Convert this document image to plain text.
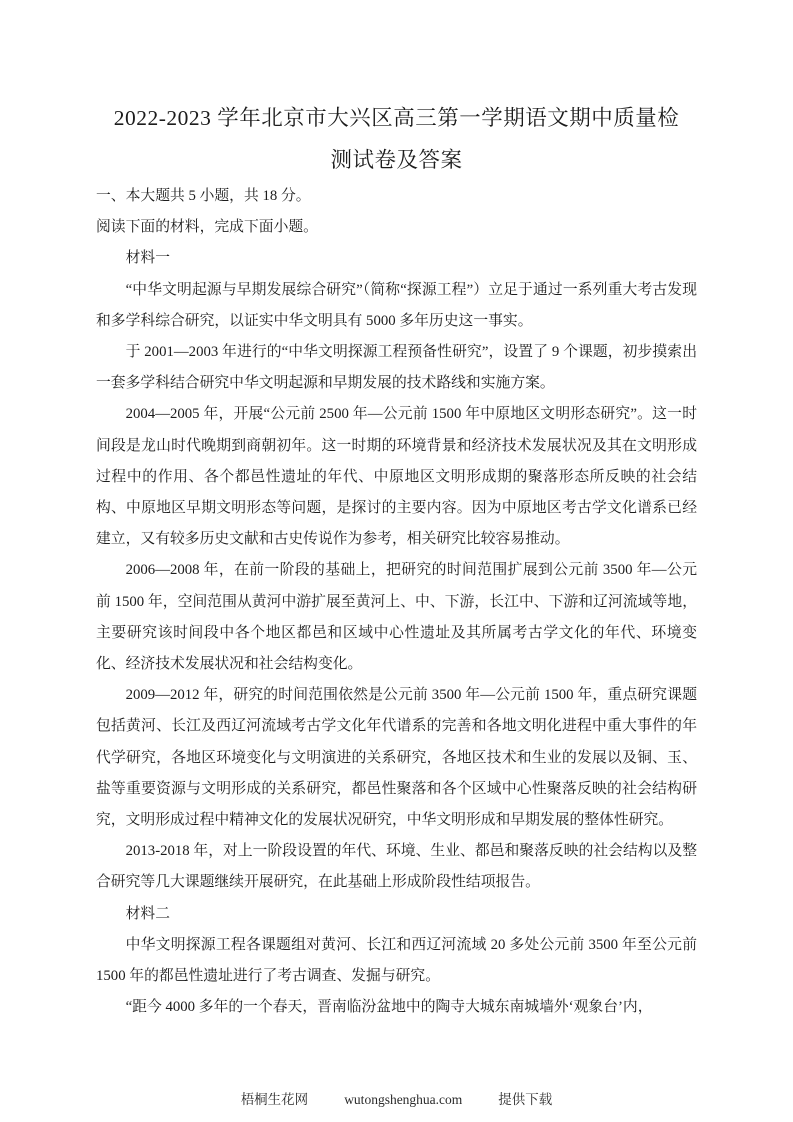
2022-2023 学年北京市大兴区高三第一学期语文期中质量检测试卷及答案

一、本大题共 5 小题，共 18 分。

阅读下面的材料，完成下面小题。

材料一

“中华文明起源与早期发展综合研究”（简称“探源工程”）立足于通过一系列重大考古发现和多学科综合研究，以证实中华文明具有 5000 多年历史这一事实。

于 2001—2003 年进行的“中华文明探源工程预备性研究”，设置了 9 个课题，初步摸索出一套多学科结合研究中华文明起源和早期发展的技术路线和实施方案。

2004—2005 年，开展“公元前 2500 年—公元前 1500 年中原地区文明形态研究”。这一时间段是龙山时代晚期到商朝初年。这一时期的环境背景和经济技术发展状况及其在文明形成过程中的作用、各个都邑性遗址的年代、中原地区文明形成期的聚落形态所反映的社会结构、中原地区早期文明形态等问题，是探讨的主要内容。因为中原地区考古学文化谱系已经建立，又有较多历史文献和古史传说作为参考，相关研究比较容易推动。

2006—2008 年，在前一阶段的基础上，把研究的时间范围扩展到公元前 3500 年—公元前 1500 年，空间范围从黄河中游扩展至黄河上、中、下游，长江中、下游和辽河流域等地，主要研究该时间段中各个地区都邑和区域中心性遗址及其所属考古学文化的年代、环境变化、经济技术发展状况和社会结构变化。

2009—2012 年，研究的时间范围依然是公元前 3500 年—公元前 1500 年，重点研究课题包括黄河、长江及西辽河流域考古学文化年代谱系的完善和各地文明化进程中重大事件的年代学研究，各地区环境变化与文明演进的关系研究，各地区技术和生业的发展以及铜、玉、盐等重要资源与文明形成的关系研究，都邑性聚落和各个区域中心性聚落反映的社会结构研究，文明形成过程中精神文化的发展状况研究，中华文明形成和早期发展的整体性研究。

2013-2018 年，对上一阶段设置的年代、环境、生业、都邑和聚落反映的社会结构以及整合研究等几大课题继续开展研究，在此基础上形成阶段性结项报告。

材料二

中华文明探源工程各课题组对黄河、长江和西辽河流域 20 多处公元前 3500 年至公元前 1500 年的都邑性遗址进行了考古调查、发掘与研究。

“距今 4000 多年的一个春天，晋南临汾盆地中的陶寺大城东南城墙外‘观象台’内，

梧桐生花网	wutongshenghua.com	提供下载
